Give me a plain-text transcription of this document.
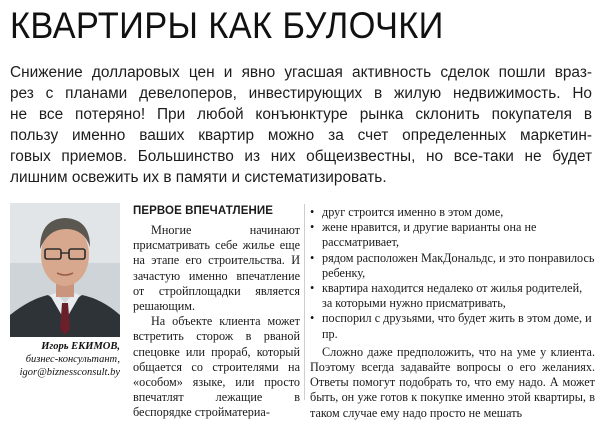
КВАРТИРЫ КАК БУЛОЧКИ

Снижение долларовых цен и явно угасшая активность сделок пошли враз-

рез с планами девелоперов, инвестирующих в жилую недвижимость. Но

не все потеряно! При любой конъюнктуре рынка склонить покупателя в

пользу именно ваших квартир можно за счет определенных маркетин-

говых приемов. Большинство из них общеизвестны, но все-таки не будет

лишним освежить их в памяти и систематизировать.

Игорь ЕКИМОВ,
бизнес-консультант,
igor@biznessconsult.by
ПЕРВОЕ ВПЕЧАТЛЕНИЕ

Многие начинают присматривать себе жилье еще на этапе его строительства. И зачастую именно впечатление от стройплощадки является решающим.

На объекте клиента может встретить сторож в рваной спецовке или прораб, который общается со строителями на «особом» языке, или просто впечатлят лежащие в беспорядке стройматериа-

• друг строится именно в этом доме,
• жене нравится, и другие варианты она не рассматривает,
• рядом расположен МакДональдс, и это понравилось ребенку,
• квартира находится недалеко от жилья родителей, за которыми нужно присматривать,
• поспорил с друзьями, что будет жить в этом доме, и пр.

Сложно даже предположить, что на уме у клиента. Поэтому всегда задавайте вопросы о его желаниях. Ответы помогут подобрать то, что ему надо. А может быть, он уже готов к покупке именно этой квартиры, в таком случае ему надо просто не мешать
